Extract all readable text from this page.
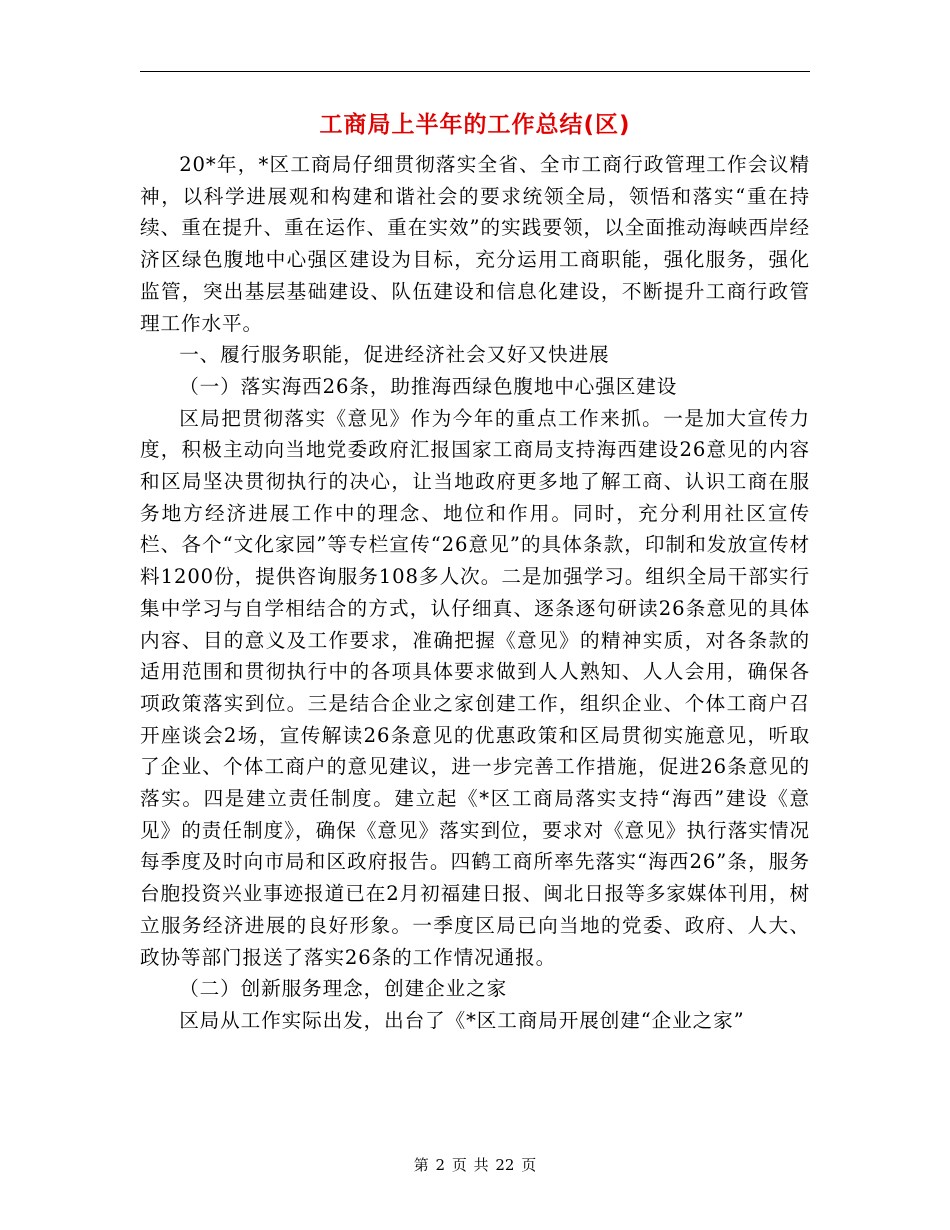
工商局上半年的工作总结(区)

20*年，*区工商局仔细贯彻落实全省、全市工商行政管理工作会议精神，以科学进展观和构建和谐社会的要求统领全局，领悟和落实“重在持续、重在提升、重在运作、重在实效”的实践要领，以全面推动海峡西岸经济区绿色腹地中心强区建设为目标，充分运用工商职能，强化服务，强化监管，突出基层基础建设、队伍建设和信息化建设，不断提升工商行政管理工作水平。

一、履行服务职能，促进经济社会又好又快进展

（一）落实海西26条，助推海西绿色腹地中心强区建设

区局把贯彻落实《意见》作为今年的重点工作来抓。一是加大宣传力度，积极主动向当地党委政府汇报国家工商局支持海西建设26意见的内容和区局坚决贯彻执行的决心，让当地政府更多地了解工商、认识工商在服务地方经济进展工作中的理念、地位和作用。同时，充分利用社区宣传栏、各个“文化家园”等专栏宣传“26意见”的具体条款，印制和发放宣传材料1200份，提供咨询服务108多人次。二是加强学习。组织全局干部实行集中学习与自学相结合的方式，认仔细真、逐条逐句研读26条意见的具体内容、目的意义及工作要求，准确把握《意见》的精神实质，对各条款的适用范围和贯彻执行中的各项具体要求做到人人熟知、人人会用，确保各项政策落实到位。三是结合企业之家创建工作，组织企业、个体工商户召开座谈会2场，宣传解读26条意见的优惠政策和区局贯彻实施意见，听取了企业、个体工商户的意见建议，进一步完善工作措施，促进26条意见的落实。四是建立责任制度。建立起《*区工商局落实支持“海西”建设《意见》的责任制度》，确保《意见》落实到位，要求对《意见》执行落实情况每季度及时向市局和区政府报告。四鹤工商所率先落实“海西26”条，服务台胞投资兴业事迹报道已在2月初福建日报、闽北日报等多家媒体刊用，树立服务经济进展的良好形象。一季度区局已向当地的党委、政府、人大、政协等部门报送了落实26条的工作情况通报。

（二）创新服务理念，创建企业之家

区局从工作实际出发，出台了《*区工商局开展创建“企业之家”

第 2 页 共 22 页
